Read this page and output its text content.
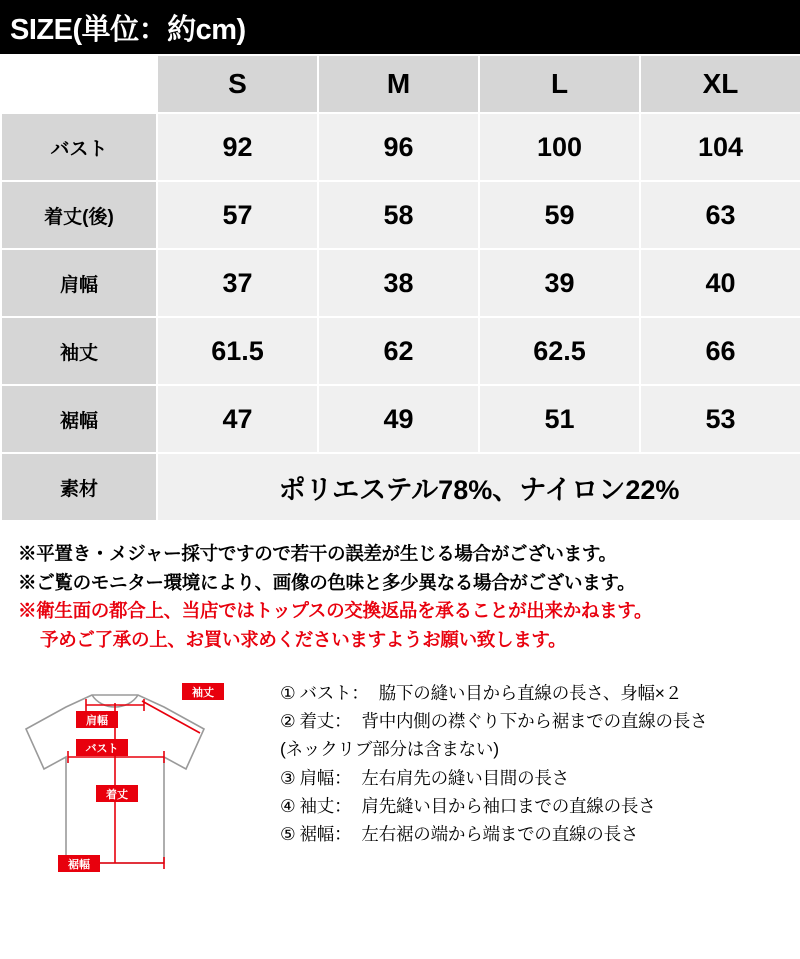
SIZE(単位：約cm)
	S	M	L	XL
バスト	92	96	100	104
着丈(後)	57	58	59	63
肩幅	37	38	39	40
袖丈	61.5	62	62.5	66
裾幅	47	49	51	53
素材	ポリエステル78%、ナイロン22%			
※平置き・メジャー採寸ですので若干の誤差が生じる場合がございます。
※ご覧のモニター環境により、画像の色味と多少異なる場合がございます。
※衛生面の都合上、当店ではトップスの交換返品を承ることが出来かねます。
予めご了承の上、お買い求めくださいますようお願い致します。
袖丈
肩幅
バスト
着丈
裾幅
① バスト： 脇下の縫い目から直線の長さ、身幅×２
② 着丈： 背中内側の襟ぐり下から裾までの直線の長さ
(ネックリブ部分は含まない)
③ 肩幅： 左右肩先の縫い目間の長さ
④ 袖丈： 肩先縫い目から袖口までの直線の長さ
⑤ 裾幅： 左右裾の端から端までの直線の長さ
